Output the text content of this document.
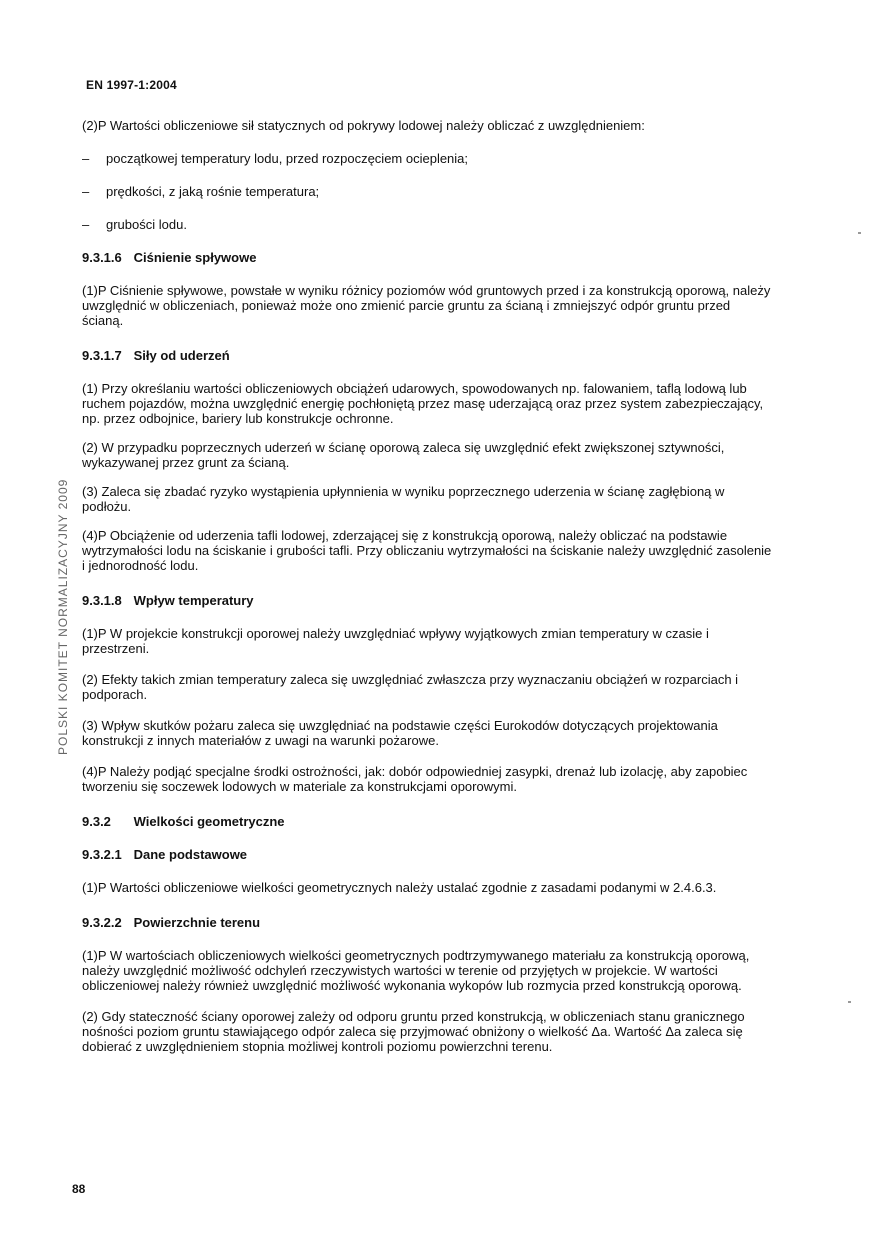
EN 1997-1:2004
POLSKI KOMITET NORMALIZACYJNY 2009

(2)P Wartości obliczeniowe sił statycznych od pokrywy lodowej należy obliczać z uwzględnieniem:

–	początkowej temperatury lodu, przed rozpoczęciem ocieplenia;
–	prędkości, z jaką rośnie temperatura;
–	grubości lodu.
9.3.1.6 Ciśnienie spływowe

(1)P Ciśnienie spływowe, powstałe w wyniku różnicy poziomów wód gruntowych przed i za konstrukcją oporową, należy uwzględnić w obliczeniach, ponieważ może ono zmienić parcie gruntu za ścianą i zmniejszyć odpór gruntu przed ścianą.

9.3.1.7 Siły od uderzeń

(1) Przy określaniu wartości obliczeniowych obciążeń udarowych, spowodowanych np. falowaniem, taflą lodową lub ruchem pojazdów, można uwzględnić energię pochłoniętą przez masę uderzającą oraz przez system zabezpieczający, np. przez odbojnice, bariery lub konstrukcje ochronne.

(2) W przypadku poprzecznych uderzeń w ścianę oporową zaleca się uwzględnić efekt zwiększonej sztywności, wykazywanej przez grunt za ścianą.

(3) Zaleca się zbadać ryzyko wystąpienia upłynnienia w wyniku poprzecznego uderzenia w ścianę zagłębioną w podłożu.

(4)P Obciążenie od uderzenia tafli lodowej, zderzającej się z konstrukcją oporową, należy obliczać na podstawie wytrzymałości lodu na ściskanie i grubości tafli. Przy obliczaniu wytrzymałości na ściskanie należy uwzględnić zasolenie i jednorodność lodu.

9.3.1.8 Wpływ temperatury

(1)P W projekcie konstrukcji oporowej należy uwzględniać wpływy wyjątkowych zmian temperatury w czasie i przestrzeni.

(2) Efekty takich zmian temperatury zaleca się uwzględniać zwłaszcza przy wyznaczaniu obciążeń w rozparciach i podporach.

(3) Wpływ skutków pożaru zaleca się uwzględniać na podstawie części Eurokodów dotyczących projektowania konstrukcji z innych materiałów z uwagi na warunki pożarowe.

(4)P Należy podjąć specjalne środki ostrożności, jak: dobór odpowiedniej zasypki, drenaż lub izolację, aby zapobiec tworzeniu się soczewek lodowych w materiale za konstrukcjami oporowymi.

9.3.2 Wielkości geometryczne
9.3.2.1 Dane podstawowe

(1)P Wartości obliczeniowe wielkości geometrycznych należy ustalać zgodnie z zasadami podanymi w 2.4.6.3.

9.3.2.2 Powierzchnie terenu

(1)P W wartościach obliczeniowych wielkości geometrycznych podtrzymywanego materiału za konstrukcją oporową, należy uwzględnić możliwość odchyleń rzeczywistych wartości w terenie od przyjętych w projekcie. W wartości obliczeniowej należy również uwzględnić możliwość wykonania wykopów lub rozmycia przed konstrukcją oporową.

(2) Gdy stateczność ściany oporowej zależy od odporu gruntu przed konstrukcją, w obliczeniach stanu granicznego nośności poziom gruntu stawiającego odpór zaleca się przyjmować obniżony o wielkość Δa. Wartość Δa zaleca się dobierać z uwzględnieniem stopnia możliwej kontroli poziomu powierzchni terenu.

88
